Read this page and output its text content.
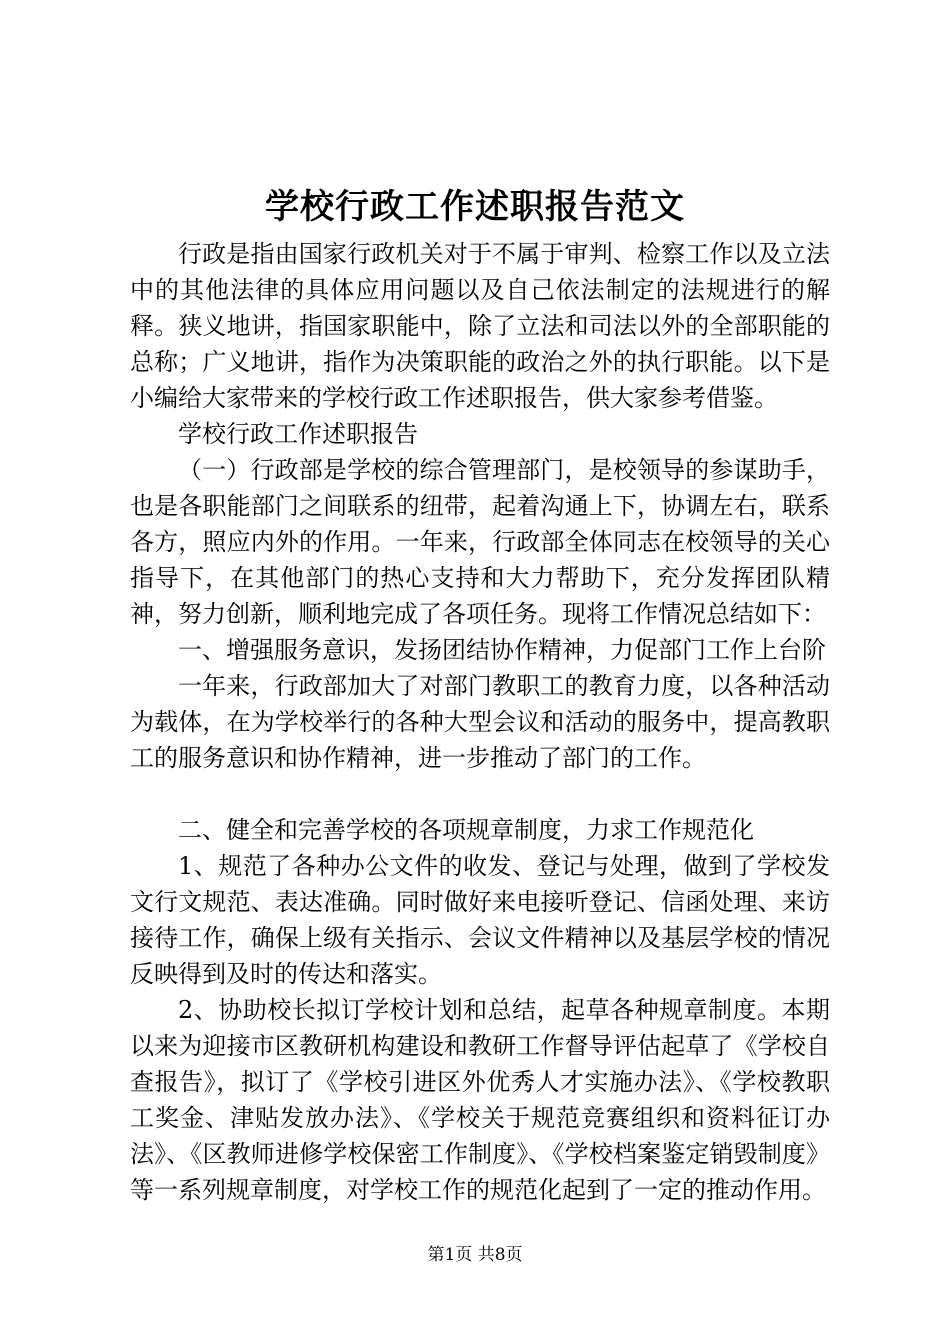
学校行政工作述职报告范文

行政是指由国家行政机关对于不属于审判、检察工作以及立法中的其他法律的具体应用问题以及自己依法制定的法规进行的解释。狭义地讲，指国家职能中，除了立法和司法以外的全部职能的总称；广义地讲，指作为决策职能的政治之外的执行职能。以下是小编给大家带来的学校行政工作述职报告，供大家参考借鉴。

学校行政工作述职报告

（一）行政部是学校的综合管理部门，是校领导的参谋助手，也是各职能部门之间联系的纽带，起着沟通上下，协调左右，联系各方，照应内外的作用。一年来，行政部全体同志在校领导的关心指导下，在其他部门的热心支持和大力帮助下，充分发挥团队精神，努力创新，顺利地完成了各项任务。现将工作情况总结如下：

一、增强服务意识，发扬团结协作精神，力促部门工作上台阶

一年来，行政部加大了对部门教职工的教育力度，以各种活动为载体，在为学校举行的各种大型会议和活动的服务中，提高教职工的服务意识和协作精神，进一步推动了部门的工作。

二、健全和完善学校的各项规章制度，力求工作规范化

1、规范了各种办公文件的收发、登记与处理，做到了学校发文行文规范、表达准确。同时做好来电接听登记、信函处理、来访接待工作，确保上级有关指示、会议文件精神以及基层学校的情况反映得到及时的传达和落实。

2、协助校长拟订学校计划和总结，起草各种规章制度。本期以来为迎接市区教研机构建设和教研工作督导评估起草了《学校自查报告》，拟订了《学校引进区外优秀人才实施办法》、《学校教职工奖金、津贴发放办法》、《学校关于规范竞赛组织和资料征订办法》、《区教师进修学校保密工作制度》、《学校档案鉴定销毁制度》等一系列规章制度，对学校工作的规范化起到了一定的推动作用。

第1页 共8页
